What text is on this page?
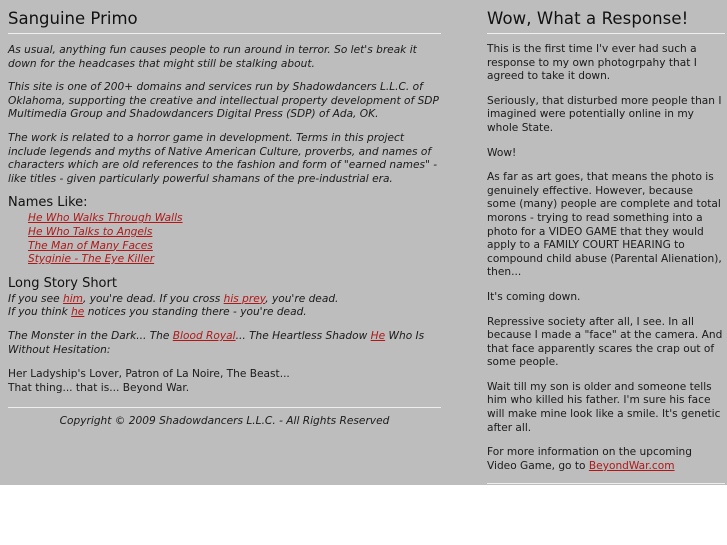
Sanguine Primo

As usual, anything fun causes people to run around in terror. So let's break it down for the headcases that might still be stalking about.

This site is one of 200+ domains and services run by Shadowdancers L.L.C. of Oklahoma, supporting the creative and intellectual property development of SDP Multimedia Group and Shadowdancers Digital Press (SDP) of Ada, OK.

The work is related to a horror game in development. Terms in this project include legends and myths of Native American Culture, proverbs, and names of characters which are old references to the fashion and form of "earned names" - like titles - given particularly powerful shamans of the pre-industrial era.

Names Like:
He Who Walks Through Walls
He Who Talks to Angels
The Man of Many Faces
Styginie - The Eye Killer
Long Story Short

If you see him, you're dead. If you cross his prey, you're dead.
If you think he notices you standing there - you're dead.

The Monster in the Dark... The Blood Royal... The Heartless Shadow He Who Is Without Hesitation:

Her Ladyship's Lover, Patron of La Noire, The Beast...
That thing... that is... Beyond War.

Copyright © 2009 Shadowdancers L.L.C. - All Rights Reserved

Wow, What a Response!

This is the first time I'v ever had such a response to my own photogrpahy that I agreed to take it down.

Seriously, that disturbed more people than I imagined were potentially online in my whole State.

Wow!

As far as art goes, that means the photo is genuinely effective. However, because some (many) people are complete and total morons - trying to read something into a photo for a VIDEO GAME that they would apply to a FAMILY COURT HEARING to compound child abuse (Parental Alienation), then...

It's coming down.

Repressive society after all, I see. In all because I made a "face" at the camera. And that face apparently scares the crap out of some people.

Wait till my son is older and someone tells him who killed his father. I'm sure his face will make mine look like a smile. It's genetic after all.

For more information on the upcoming Video Game, go to BeyondWar.com
